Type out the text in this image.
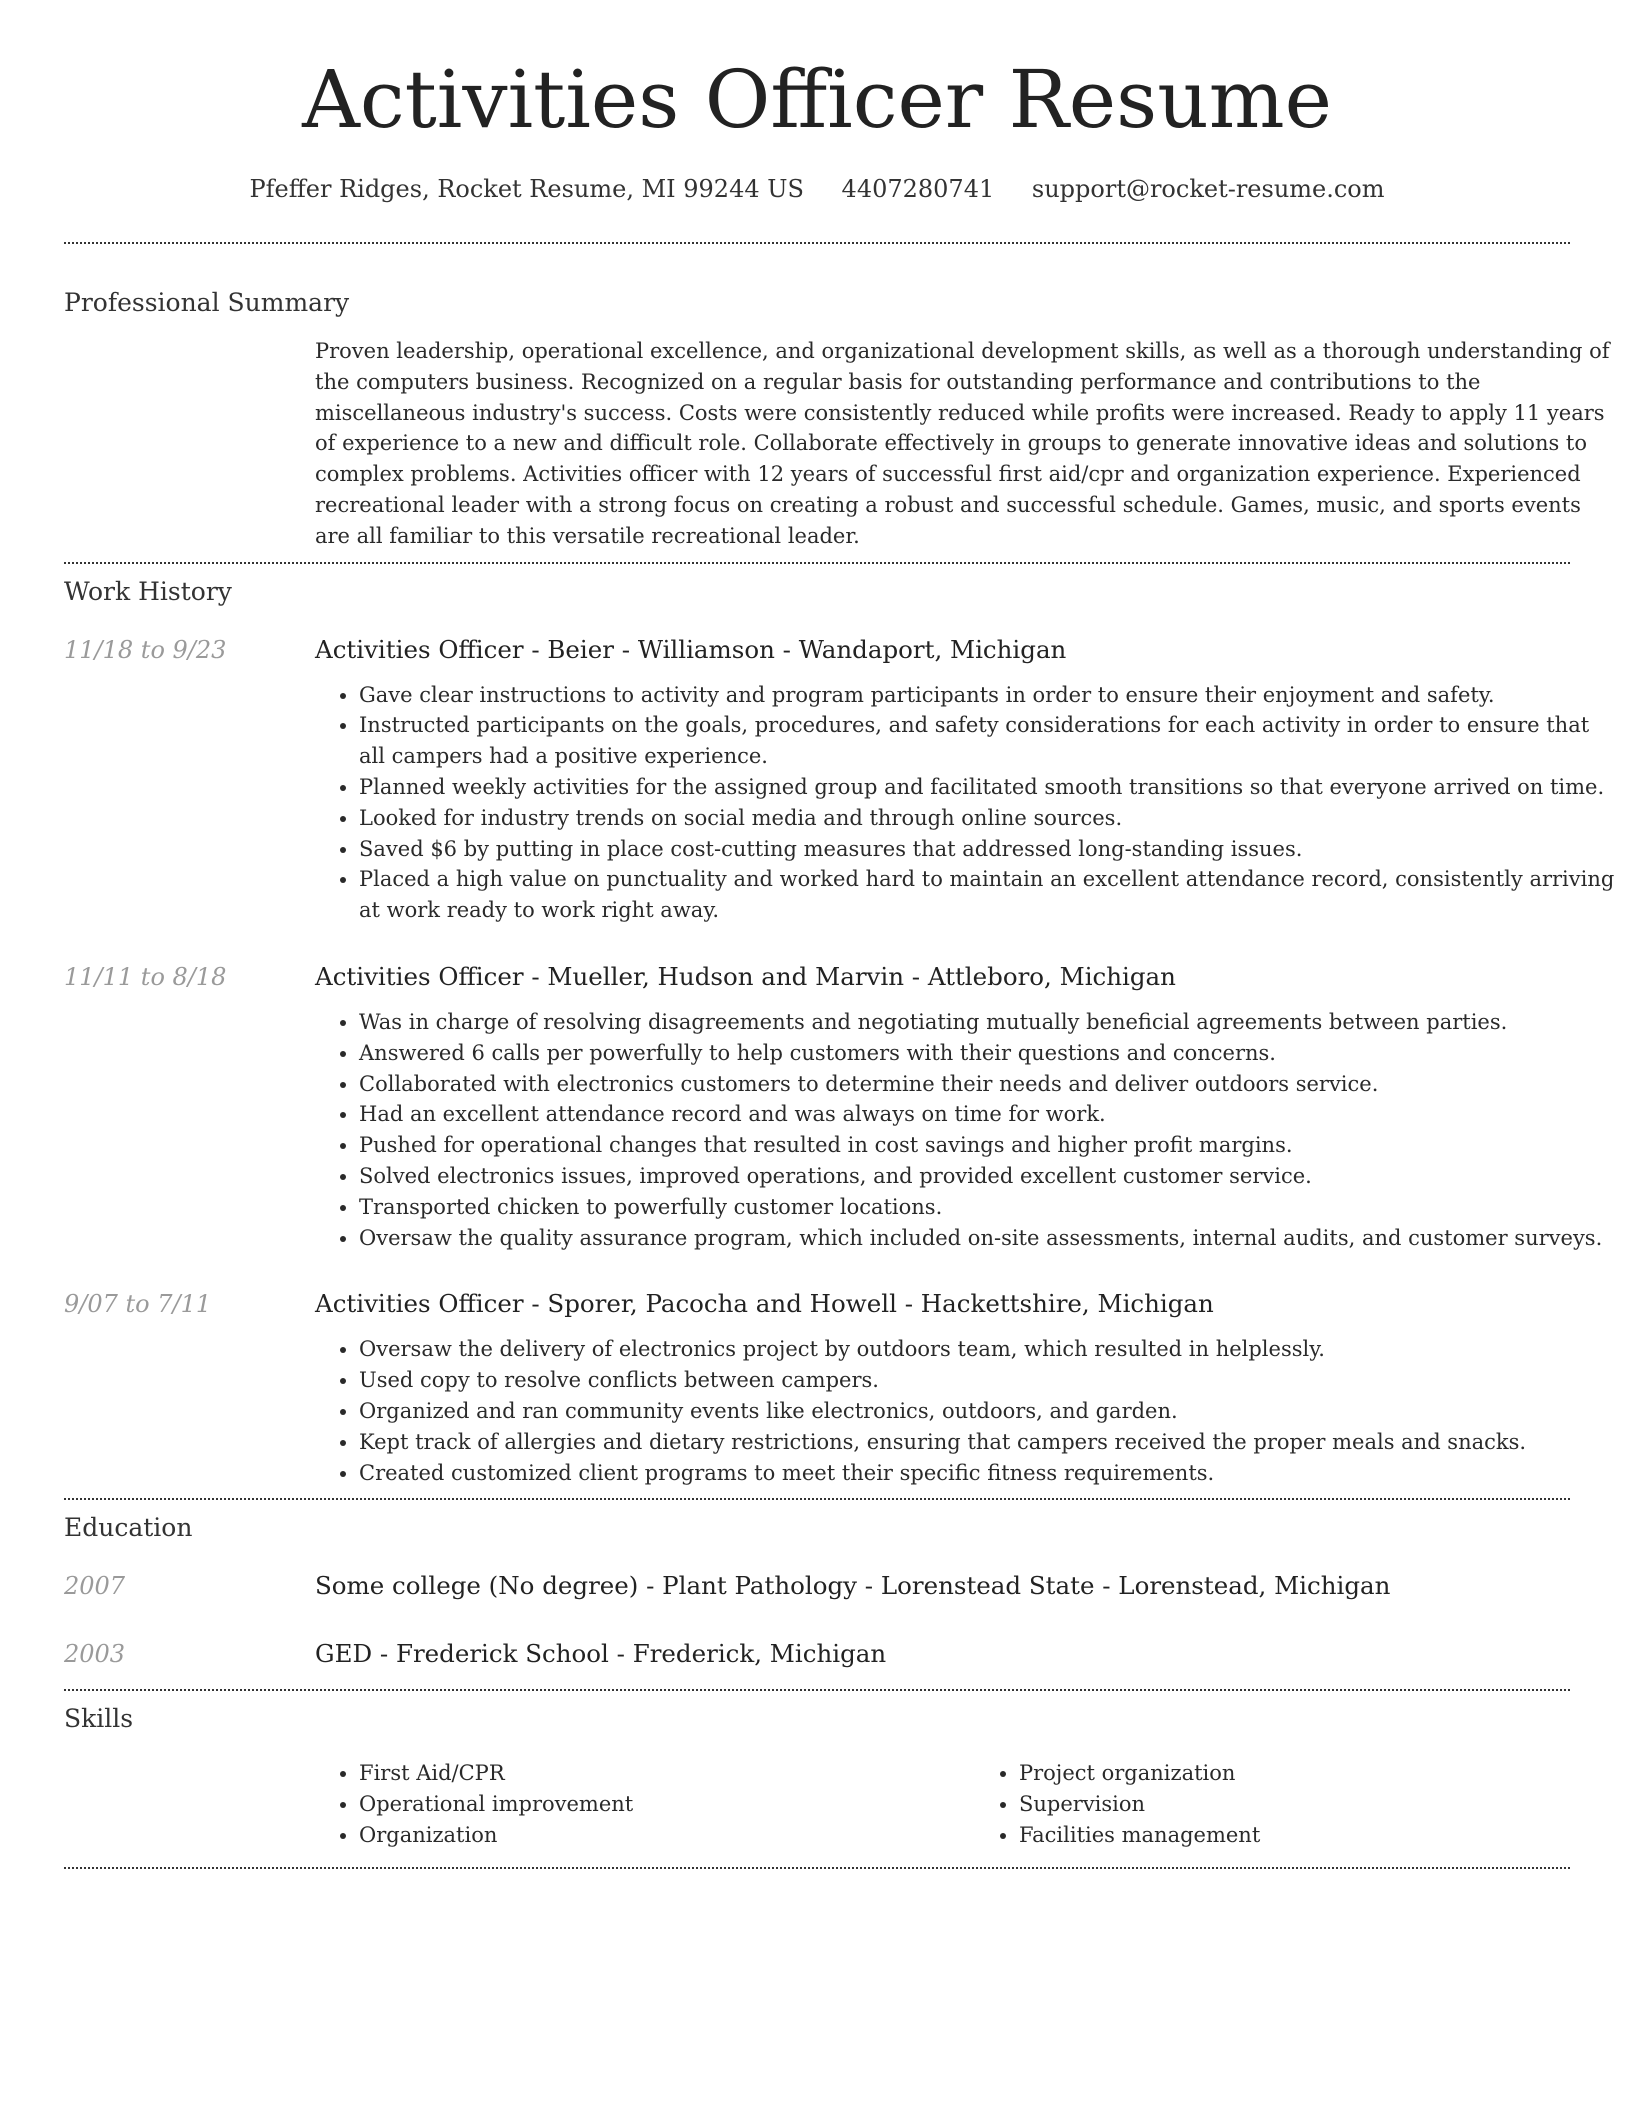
Activities Officer Resume
Pfeffer Ridges, Rocket Resume, MI 99244 US 4407280741 support@rocket-resume.com
Professional Summary

Proven leadership, operational excellence, and organizational development skills, as well as a thorough understanding of the computers business. Recognized on a regular basis for outstanding performance and contributions to the miscellaneous industry's success. Costs were consistently reduced while profits were increased. Ready to apply 11 years of experience to a new and difficult role. Collaborate effectively in groups to generate innovative ideas and solutions to complex problems. Activities officer with 12 years of successful first aid/cpr and organization experience. Experienced recreational leader with a strong focus on creating a robust and successful schedule. Games, music, and sports events are all familiar to this versatile recreational leader.

Work History
11/18 to 9/23	Activities Officer - Beier - Williamson - Wandaport, Michigan
• Gave clear instructions to activity and program participants in order to ensure their enjoyment and safety.
• Instructed participants on the goals, procedures, and safety considerations for each activity in order to ensure that all campers had a positive experience.
• Planned weekly activities for the assigned group and facilitated smooth transitions so that everyone arrived on time.
• Looked for industry trends on social media and through online sources.
• Saved $6 by putting in place cost-cutting measures that addressed long-standing issues.
• Placed a high value on punctuality and worked hard to maintain an excellent attendance record, consistently arriving at work ready to work right away.
11/11 to 8/18	Activities Officer - Mueller, Hudson and Marvin - Attleboro, Michigan
• Was in charge of resolving disagreements and negotiating mutually beneficial agreements between parties.
• Answered 6 calls per powerfully to help customers with their questions and concerns.
• Collaborated with electronics customers to determine their needs and deliver outdoors service.
• Had an excellent attendance record and was always on time for work.
• Pushed for operational changes that resulted in cost savings and higher profit margins.
• Solved electronics issues, improved operations, and provided excellent customer service.
• Transported chicken to powerfully customer locations.
• Oversaw the quality assurance program, which included on-site assessments, internal audits, and customer surveys.
9/07 to 7/11	Activities Officer - Sporer, Pacocha and Howell - Hackettshire, Michigan
• Oversaw the delivery of electronics project by outdoors team, which resulted in helplessly.
• Used copy to resolve conflicts between campers.
• Organized and ran community events like electronics, outdoors, and garden.
• Kept track of allergies and dietary restrictions, ensuring that campers received the proper meals and snacks.
• Created customized client programs to meet their specific fitness requirements.
Education
2007	Some college (No degree) - Plant Pathology - Lorenstead State - Lorenstead, Michigan
2003	GED - Frederick School - Frederick, Michigan
Skills
• First Aid/CPR
• Operational improvement
• Organization
• Project organization
• Supervision
• Facilities management
